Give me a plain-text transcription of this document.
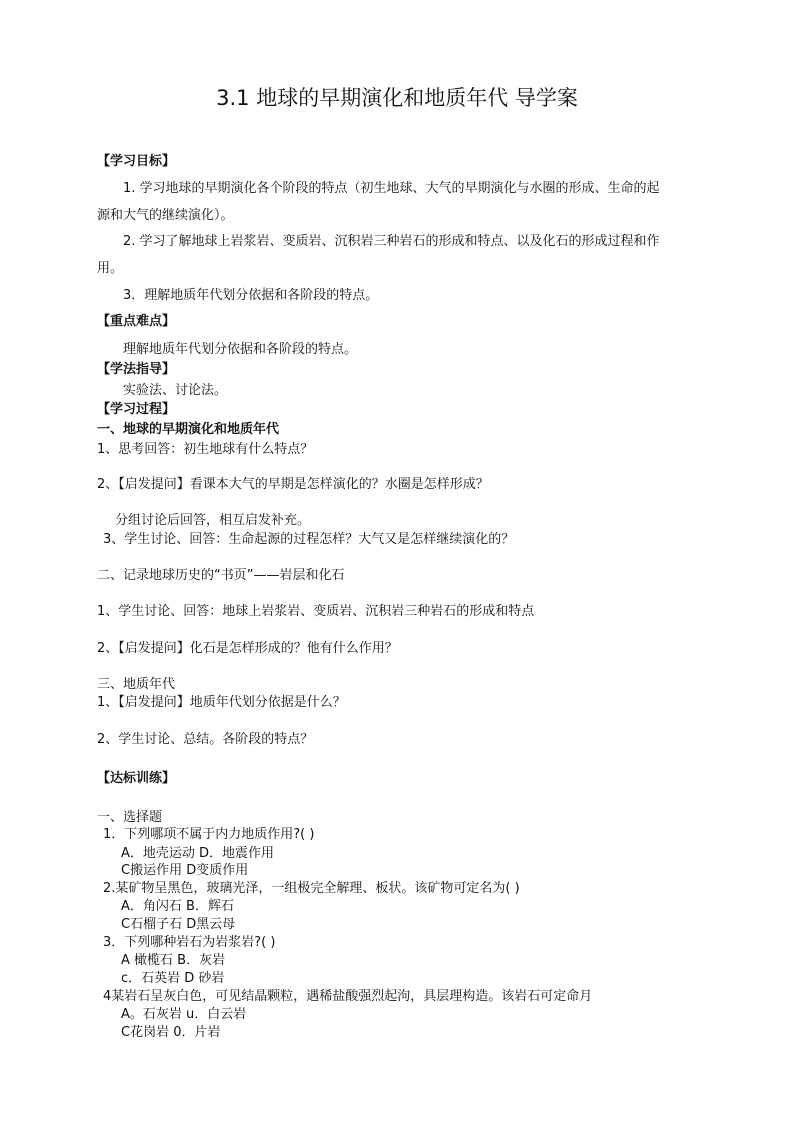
3.1 地球的早期演化和地质年代 导学案
【学习目标】
1. 学习地球的早期演化各个阶段的特点（初生地球、大气的早期演化与水圈的形成、生命的起
源和大气的继续演化）。
2. 学习了解地球上岩浆岩、变质岩、沉积岩三种岩石的形成和特点、以及化石的形成过程和作
用。
3．理解地质年代划分依据和各阶段的特点。
【重点难点】
理解地质年代划分依据和各阶段的特点。
【学法指导】
实验法、讨论法。
【学习过程】
一、地球的早期演化和地质年代
1、思考回答：初生地球有什么特点？
2、【启发提问】看课本大气的早期是怎样演化的？水圈是怎样形成？
分组讨论后回答，相互启发补充。
3、学生讨论、回答：生命起源的过程怎样？大气又是怎样继续演化的？
二、记录地球历史的“书页”——岩层和化石
1、学生讨论、回答：地球上岩浆岩、变质岩、沉积岩三种岩石的形成和特点
2、【启发提问】化石是怎样形成的？他有什么作用？
三、地质年代
1、【启发提问】地质年代划分依据是什么？
2、学生讨论、总结。各阶段的特点？
【达标训练】
一、选择题
1．下列哪项不属于内力地质作用?( )
A．地壳运动 D．地震作用
C搬运作用 D变质作用
2.某矿物呈黑色，玻璃光泽，一组极完全解理、板状。该矿物可定名为( )
A．角闪石 B．辉石
C石榴子石 D黑云母
3．下列哪种岩石为岩浆岩?( )
A 橄榄石 B．灰岩
c．石英岩 D 砂岩
4某岩石呈灰白色，可见结晶颗粒，遇稀盐酸强烈起泃，具层理构造。该岩石可定命月
A。石灰岩 u．白云岩
C花岗岩 0．片岩
